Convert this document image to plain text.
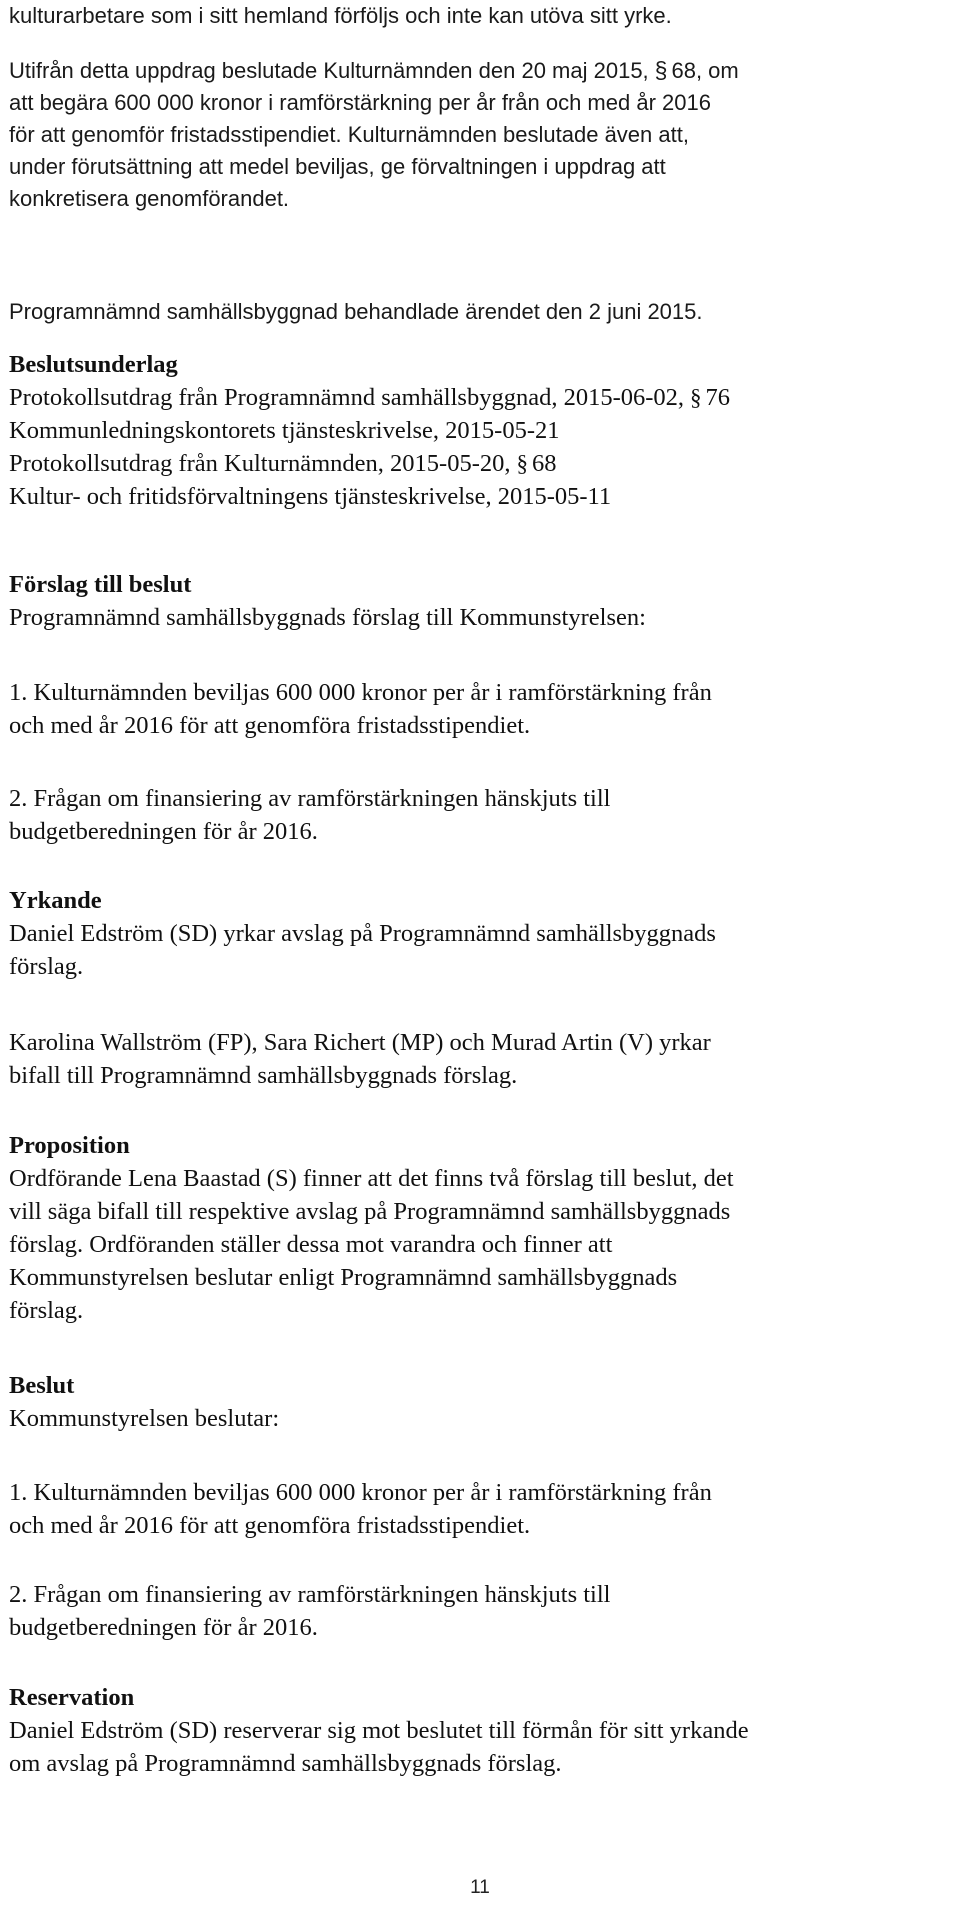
kulturarbetare som i sitt hemland förföljs och inte kan utöva sitt yrke.
Utifrån detta uppdrag beslutade Kulturnämnden den 20 maj 2015, § 68, om
att begära 600 000 kronor i ramförstärkning per år från och med år 2016
för att genomför fristadsstipendiet. Kulturnämnden beslutade även att,
under förutsättning att medel beviljas, ge förvaltningen i uppdrag att
konkretisera genomförandet.
Programnämnd samhällsbyggnad behandlade ärendet den 2 juni 2015.
Beslutsunderlag
Protokollsutdrag från Programnämnd samhällsbyggnad, 2015-06-02, § 76
Kommunledningskontorets tjänsteskrivelse, 2015-05-21
Protokollsutdrag från Kulturnämnden, 2015-05-20, § 68
Kultur- och fritidsförvaltningens tjänsteskrivelse, 2015-05-11
Förslag till beslut
Programnämnd samhällsbyggnads förslag till Kommunstyrelsen:
1. Kulturnämnden beviljas 600 000 kronor per år i ramförstärkning från
och med år 2016 för att genomföra fristadsstipendiet.
2. Frågan om finansiering av ramförstärkningen hänskjuts till
budgetberedningen för år 2016.
Yrkande
Daniel Edström (SD) yrkar avslag på Programnämnd samhällsbyggnads
förslag.
Karolina Wallström (FP), Sara Richert (MP) och Murad Artin (V) yrkar
bifall till Programnämnd samhällsbyggnads förslag.
Proposition
Ordförande Lena Baastad (S) finner att det finns två förslag till beslut, det
vill säga bifall till respektive avslag på Programnämnd samhällsbyggnads
förslag. Ordföranden ställer dessa mot varandra och finner att
Kommunstyrelsen beslutar enligt Programnämnd samhällsbyggnads
förslag.
Beslut
Kommunstyrelsen beslutar:
1. Kulturnämnden beviljas 600 000 kronor per år i ramförstärkning från
och med år 2016 för att genomföra fristadsstipendiet.
2. Frågan om finansiering av ramförstärkningen hänskjuts till
budgetberedningen för år 2016.
Reservation
Daniel Edström (SD) reserverar sig mot beslutet till förmån för sitt yrkande
om avslag på Programnämnd samhällsbyggnads förslag.
11
